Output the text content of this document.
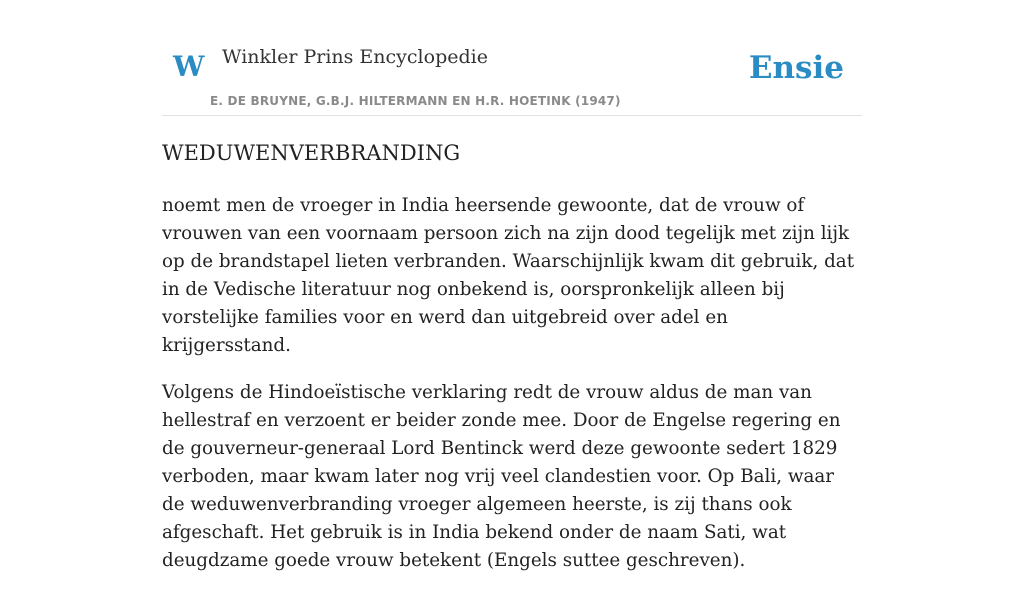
W Winkler Prins Encyclopedie
E. DE BRUYNE, G.B.J. HILTERMANN EN H.R. HOETINK (1947)
Ensie
WEDUWENVERBRANDING

noemt men de vroeger in India heersende gewoonte, dat de vrouw of vrouwen van een voornaam persoon zich na zijn dood tegelijk met zijn lijk op de brandstapel lieten verbranden. Waarschijnlijk kwam dit gebruik, dat in de Vedische literatuur nog onbekend is, oorspronkelijk alleen bij vorstelijke families voor en werd dan uitgebreid over adel en krijgersstand.

Volgens de Hindoeïstische verklaring redt de vrouw aldus de man van hellestraf en verzoent er beider zonde mee. Door de Engelse regering en de gouverneur-generaal Lord Bentinck werd deze gewoonte sedert 1829 verboden, maar kwam later nog vrij veel clandestien voor. Op Bali, waar de weduwenverbranding vroeger algemeen heerste, is zij thans ook afgeschaft. Het gebruik is in India bekend onder de naam Sati, wat deugdzame goede vrouw betekent (Engels suttee geschreven).
